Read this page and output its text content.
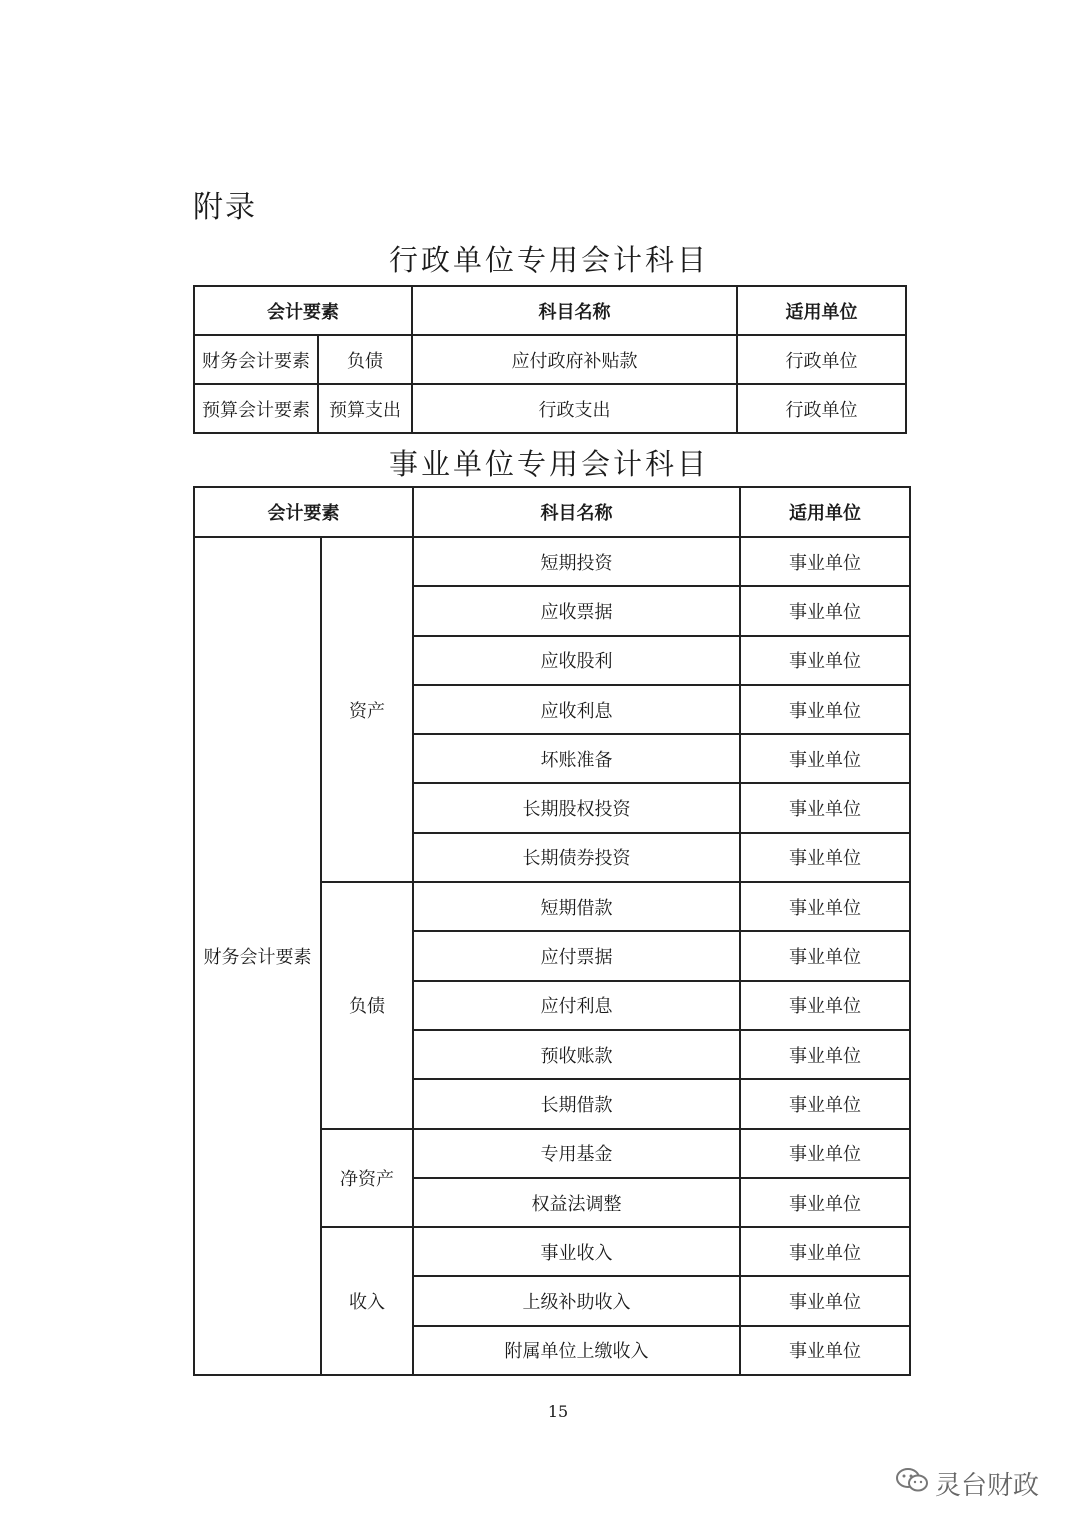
附录
行政单位专用会计科目
会计要素		科目名称	适用单位
财务会计要素	负债	应付政府补贴款	行政单位
预算会计要素	预算支出	行政支出	行政单位
事业单位专用会计科目
会计要素		科目名称	适用单位
财务会计要素	资产	短期投资	事业单位
		应收票据	事业单位
		应收股利	事业单位
		应收利息	事业单位
		坏账准备	事业单位
		长期股权投资	事业单位
		长期债券投资	事业单位
	负债	短期借款	事业单位
		应付票据	事业单位
		应付利息	事业单位
		预收账款	事业单位
		长期借款	事业单位
	净资产	专用基金	事业单位
		权益法调整	事业单位
	收入	事业收入	事业单位
		上级补助收入	事业单位
		附属单位上缴收入	事业单位
15
灵台财政
